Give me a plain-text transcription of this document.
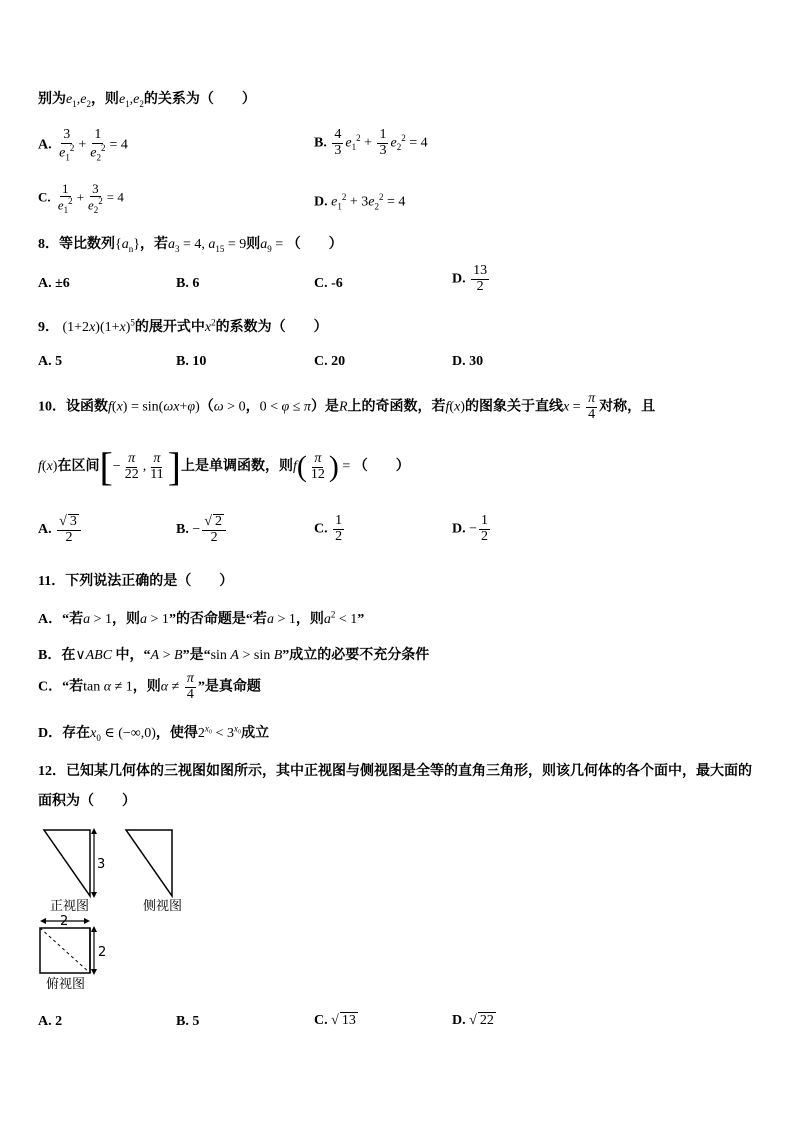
别为$e_1,e_2$，则$e_1,e_2$的关系为（　　）
A. $\frac{3}{e_1^2} + \frac{1}{e_2^2} = 4$	B. $\frac{4}{3} e_1^2 + \frac{1}{3} e_2^2 = 4$
C. $\frac{1}{e_1^2} + \frac{3}{e_2^2} = 4$	D. $e_1^2 + 3e_2^2 = 4$
8．等比数列$\{a_n\}$，若$a_3 = 4$, $a_{15} = 9$则$a_9$ = （　　）
A. ±6	B. 6	C. -6	D. $\frac{13}{2}$
9． $(1+2x)(1+x)^5$的展开式中$x^2$的系数为（　　）
A. 5	B. 10	C. 20	D. 30
10．设函数f(x) = sin(ωx+φ)（ω > 0，0 < φ ≤ π）是R上的奇函数，若f(x)的图象关于直线$x = \frac{\pi}{4}$ 对称，且
f(x)在区间[− $\frac{\pi}{22}$ , $\frac{\pi}{11}$ ]上是单调函数，则$f( \frac{\pi}{12}$ ) = （　　）
A. $\frac{√ 3}{2}$	B. − $\frac{√ 2}{2}$	C. $\frac{1}{2}$	D. − $\frac{1}{2}$
11．下列说法正确的是（　　）
A．“若a > 1，则a > 1”的否命题是“若a > 1，则$a^2 < 1$”
B．在∨ABC 中，“A > B”是“sin A > sin B”成立的必要不充分条件
C．“若tan α ≠ 1，则$\alpha \ne \frac{\pi}{4}$ ”是真命题
D．存在$x_0$ ∈ (−∞,0)，使得$2^{x_0} < 3^{x_0}$成立
12．已知某几何体的三视图如图所示，其中正视图与侧视图是全等的直角三角形，则该几何体的各个面中，最大面的
面积为（　　）
3
正视图	侧视图
2
2
俯视图
A. 2	B. 5	C. √ 13	D. √ 22
